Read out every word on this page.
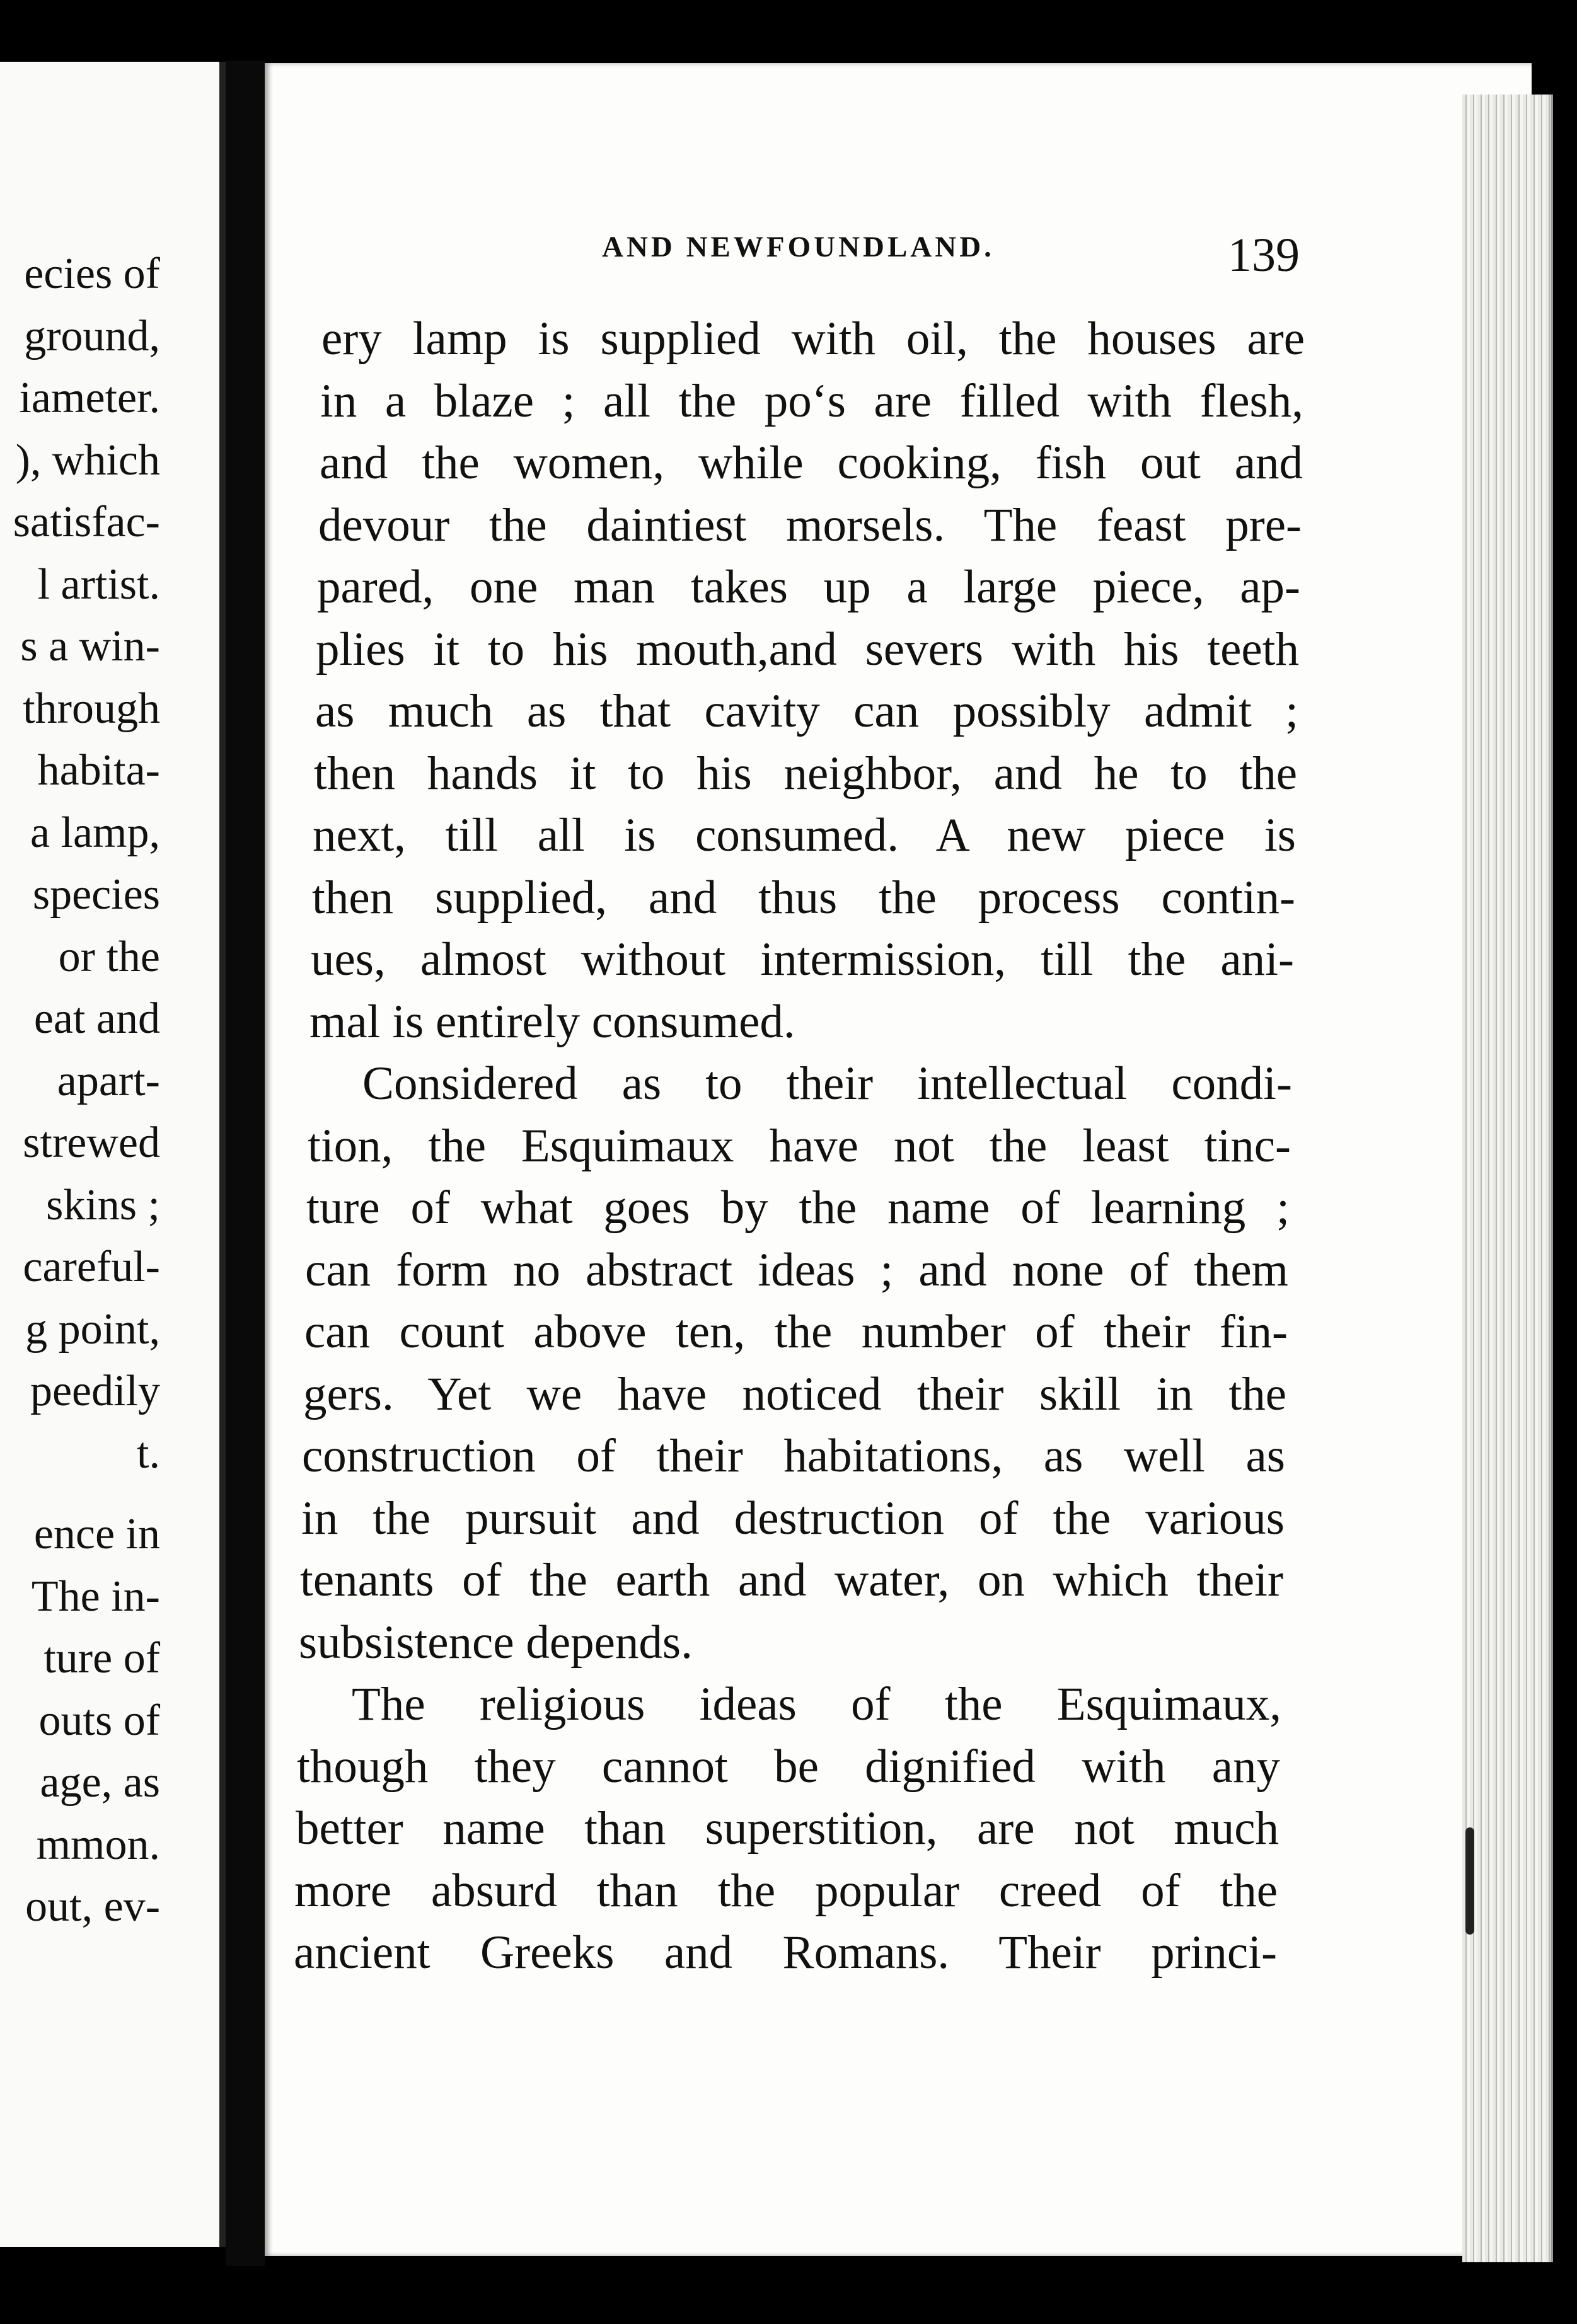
ecies of
ground,
iameter.
), which
satisfac-
l artist.
s a win-
through
habita-
a lamp,
species
or the
eat and
apart-
strewed
skins ;
careful-
g point,
peedily
t.
ence in
The in-
ture of
outs of
age, as
mmon.
out, ev-
AND NEWFOUNDLAND.	139
ery lamp is supplied with oil, the houses are
in a blaze ; all the po‘s are filled with flesh,
and the women, while cooking, fish out and
devour the daintiest morsels. The feast pre-
pared, one man takes up a large piece, ap-
plies it to his mouth,and severs with his teeth
as much as that cavity can possibly admit ;
then hands it to his neighbor, and he to the
next, till all is consumed. A new piece is
then supplied, and thus the process contin-
ues, almost without intermission, till the ani-
mal is entirely consumed.
Considered as to their intellectual condi-
tion, the Esquimaux have not the least tinc-
ture of what goes by the name of learning ;
can form no abstract ideas ; and none of them
can count above ten, the number of their fin-
gers. Yet we have noticed their skill in the
construction of their habitations, as well as
in the pursuit and destruction of the various
tenants of the earth and water, on which their
subsistence depends.
The religious ideas of the Esquimaux,
though they cannot be dignified with any
better name than superstition, are not much
more absurd than the popular creed of the
ancient Greeks and Romans. Their princi-
